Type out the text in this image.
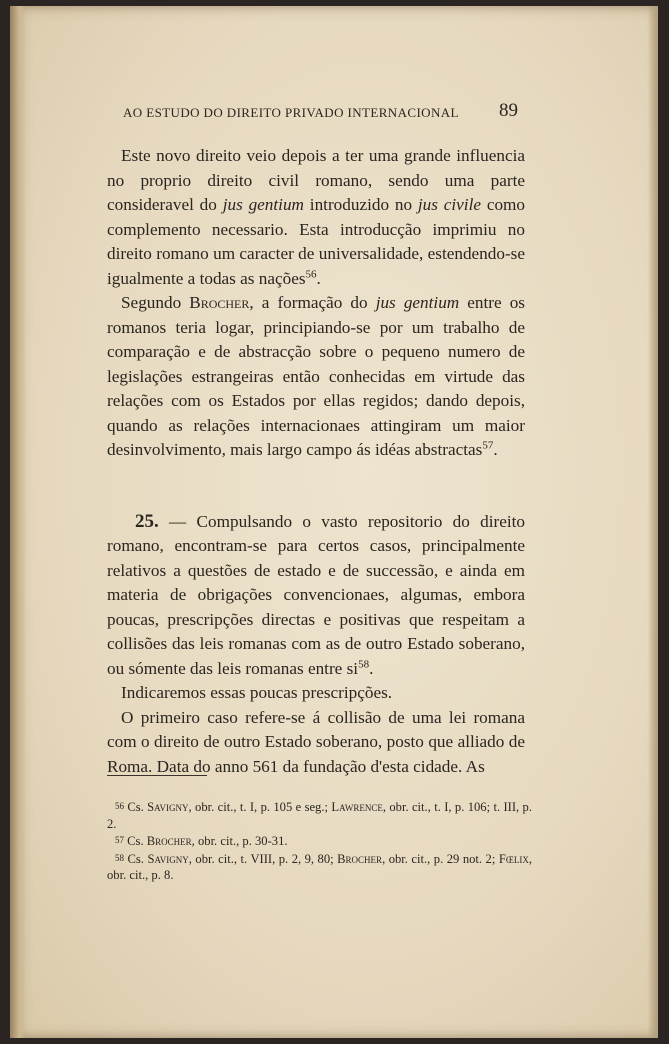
AO ESTUDO DO DIREITO PRIVADO INTERNACIONAL 89

Este novo direito veio depois a ter uma grande influencia no proprio direito civil romano, sendo uma parte consideravel do jus gentium introduzido no jus civile como complemento necessario. Esta introducção imprimiu no direito romano um caracter de universalidade, estendendo-se igualmente a todas as nações$^{56}$.

Segundo Brocher, a formação do jus gentium entre os romanos teria logar, principiando-se por um trabalho de comparação e de abstracção sobre o pequeno numero de legislações estrangeiras então conhecidas em virtude das relações com os Estados por ellas regidos; dando depois, quando as relações internacionaes attingiram um maior desinvolvimento, mais largo campo ás idéas abstractas$^{57}$.

25. — Compulsando o vasto repositorio do direito romano, encontram-se para certos casos, principalmente relativos a questões de estado e de successão, e ainda em materia de obrigações convencionaes, algumas, embora poucas, prescripções directas e positivas que respeitam a collisões das leis romanas com as de outro Estado soberano, ou sómente das leis romanas entre $si^{58}$.

Indicaremos essas poucas prescripções.

O primeiro caso refere-se á collisão de uma lei romana com o direito de outro Estado soberano, posto que alliado de Roma. Data do anno 561 da fundação d'esta cidade. As

56 Cs. Savigny, obr. cit., t. I, p. 105 e seg.; Lawrence, obr. cit., t. I, p. 106; t. III, p. 2.

57 Cs. Brocher, obr. cit., p. 30-31.

58 Cs. Savigny, obr. cit., t. VIII, p. 2, 9, 80; Brocher, obr. cit., p. 29 not. 2; Fœlix, obr. cit., p. 8.
